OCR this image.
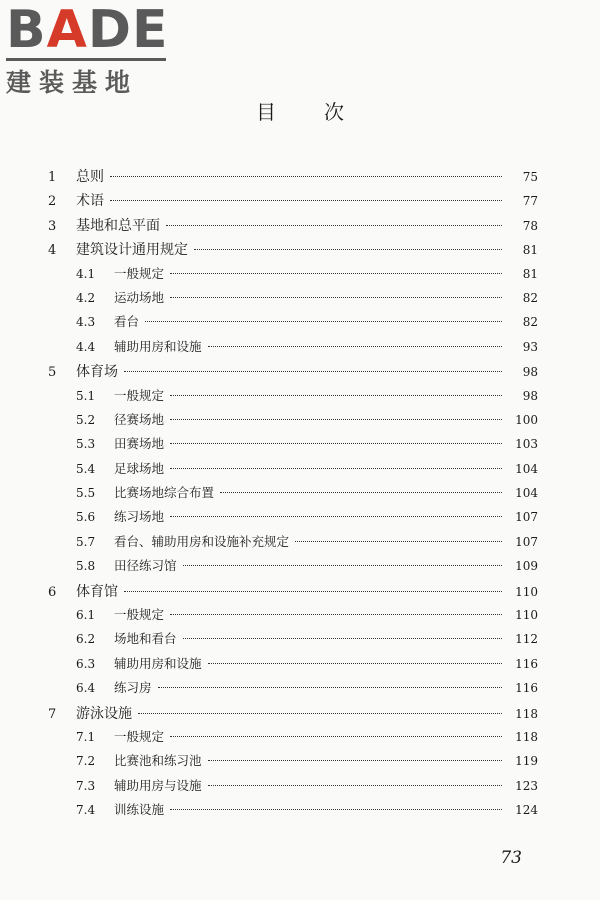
BADE
建装基地
目次
1	总则	75
2	术语	77
3	基地和总平面	78
4	建筑设计通用规定	81
4.1	一般规定	81
4.2	运动场地	82
4.3	看台	82
4.4	辅助用房和设施	93
5	体育场	98
5.1	一般规定	98
5.2	径赛场地	100
5.3	田赛场地	103
5.4	足球场地	104
5.5	比赛场地综合布置	104
5.6	练习场地	107
5.7	看台、辅助用房和设施补充规定	107
5.8	田径练习馆	109
6	体育馆	110
6.1	一般规定	110
6.2	场地和看台	112
6.3	辅助用房和设施	116
6.4	练习房	116
7	游泳设施	118
7.1	一般规定	118
7.2	比赛池和练习池	119
7.3	辅助用房与设施	123
7.4	训练设施	124
73
